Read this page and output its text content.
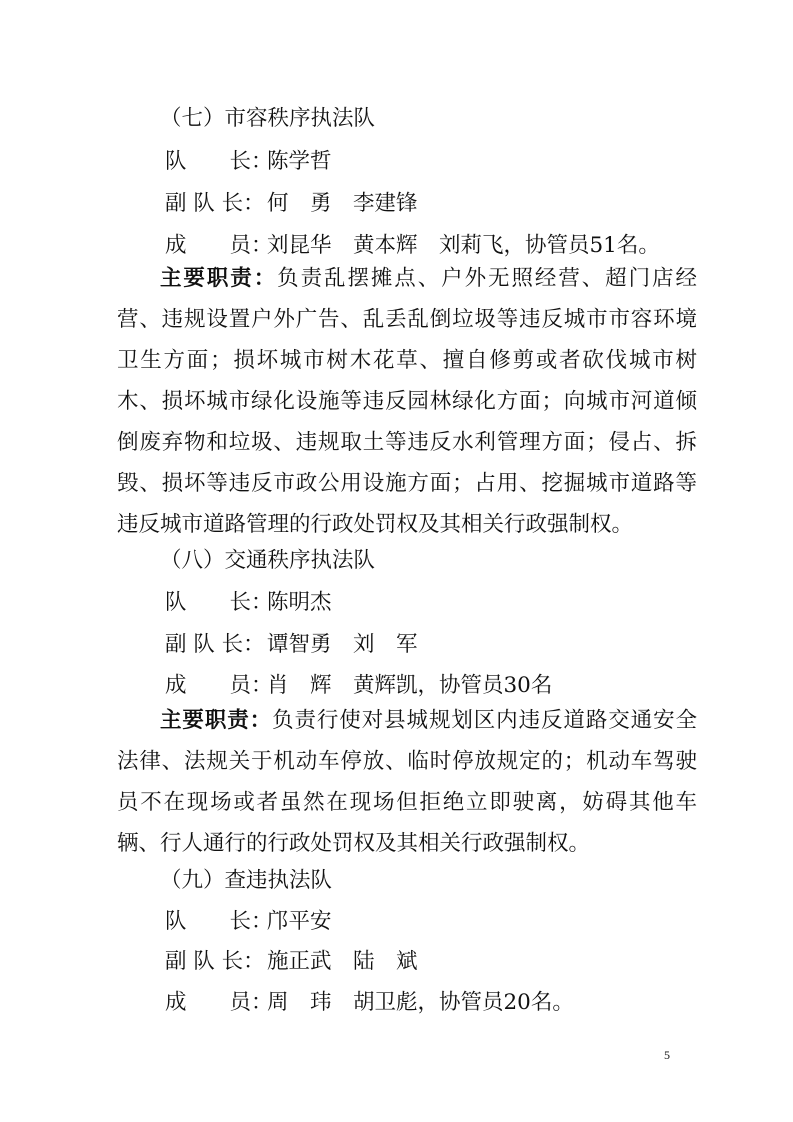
（七）市容秩序执法队
队　　长：陈学哲
副 队 长： 何　勇　李建锋
成　　员：刘昆华　黄本辉　刘莉飞，协管员51名。
主要职责：负责乱摆摊点、户外无照经营、超门店经营、违规设置户外广告、乱丢乱倒垃圾等违反城市市容环境卫生方面；损坏城市树木花草、擅自修剪或者砍伐城市树木、损坏城市绿化设施等违反园林绿化方面；向城市河道倾倒废弃物和垃圾、违规取土等违反水利管理方面；侵占、拆毁、损坏等违反市政公用设施方面；占用、挖掘城市道路等违反城市道路管理的行政处罚权及其相关行政强制权。
（八）交通秩序执法队
队　　长：陈明杰
副 队 长： 谭智勇　刘　军
成　　员：肖　辉　黄辉凯，协管员30名
主要职责：负责行使对县城规划区内违反道路交通安全法律、法规关于机动车停放、临时停放规定的；机动车驾驶员不在现场或者虽然在现场但拒绝立即驶离，妨碍其他车辆、行人通行的行政处罚权及其相关行政强制权。
（九）查违执法队
队　　长：邝平安
副 队 长： 施正武　陆　斌
成　　员：周　玮　胡卫彪，协管员20名。
5
